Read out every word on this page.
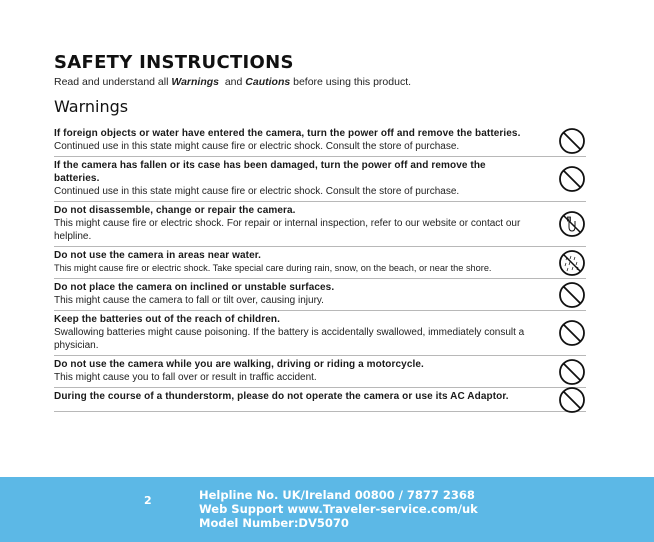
SAFETY INSTRUCTIONS
Read and understand all Warnings  and Cautions before using this product.
Warnings
If foreign objects or water have entered the camera, turn the power off and remove the batteries.
Continued use in this state might cause fire or electric shock. Consult the store of purchase.
If the camera has fallen or its case has been damaged, turn the power off and remove the batteries.
Continued use in this state might cause fire or electric shock. Consult the store of purchase.
Do not disassemble, change or repair the camera.
This might cause fire or electric shock. For repair or internal inspection, refer to our website or contact our helpline.
Do not use the camera in areas near water.
This might cause fire or electric shock. Take special care during rain, snow, on the beach, or near the shore.
Do not place the camera on inclined or unstable surfaces.
This might cause the camera to fall or tilt over, causing injury.
Keep the batteries out of the reach of children.
Swallowing batteries might cause poisoning. If the battery is accidentally swallowed, immediately consult a physician.
Do not use the camera while you are walking, driving or riding a motorcycle.
This might cause you to fall over or result in traffic accident.
During the course of a thunderstorm, please do not operate the camera or use its AC Adaptor.
2	Helpline No. UK/Ireland 00800 / 7877 2368
Web Support www.Traveler-service.com/uk
Model Number:DV5070
